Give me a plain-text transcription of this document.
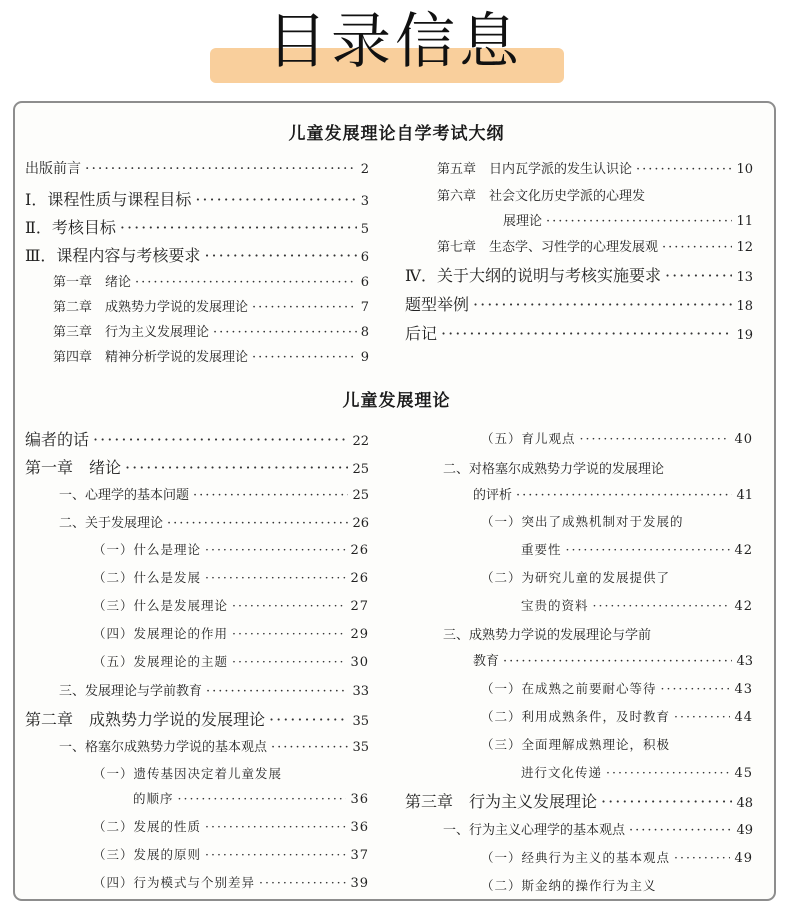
目录信息
儿童发展理论自学考试大纲
出版前言 ·····	2
Ⅰ．课程性质与课程目标 ·····	3
Ⅱ．考核目标 ·····	5
Ⅲ．课程内容与考核要求 ·····	6
第一章　绪论 ·····	6
第二章　成熟势力学说的发展理论 ·····	7
第三章　行为主义发展理论 ·····	8
第四章　精神分析学说的发展理论 ·····	9
第五章　日内瓦学派的发生认识论 ·····	10
第六章　社会文化历史学派的心理发
展理论 ·····	11
第七章　生态学、习性学的心理发展观 ·····	12
Ⅳ．关于大纲的说明与考核实施要求 ·····	13
题型举例 ·····	18
后记 ·····	19
儿童发展理论
编者的话 ·····	22
第一章　绪论 ·····	25
一、心理学的基本问题 ·····	25
二、关于发展理论 ·····	26
（一）什么是理论 ·····	26
（二）什么是发展 ·····	26
（三）什么是发展理论 ·····	27
（四）发展理论的作用 ·····	29
（五）发展理论的主题 ·····	30
三、发展理论与学前教育 ·····	33
第二章　成熟势力学说的发展理论 ·····	35
一、格塞尔成熟势力学说的基本观点 ·····	35
（一）遗传基因决定着儿童发展
的顺序 ·····	36
（二）发展的性质 ·····	36
（三）发展的原则 ·····	37
（四）行为模式与个别差异 ·····	39
（五）育儿观点 ·····	40
二、对格塞尔成熟势力学说的发展理论
的评析 ·····	41
（一）突出了成熟机制对于发展的
重要性 ·····	42
（二）为研究儿童的发展提供了
宝贵的资料 ·····	42
三、成熟势力学说的发展理论与学前
教育 ·····	43
（一）在成熟之前要耐心等待 ·····	43
（二）利用成熟条件，及时教育 ·····	44
（三）全面理解成熟理论，积极
进行文化传递 ·····	45
第三章　行为主义发展理论 ·····	48
一、行为主义心理学的基本观点 ·····	49
（一）经典行为主义的基本观点 ·····	49
（二）斯金纳的操作行为主义
